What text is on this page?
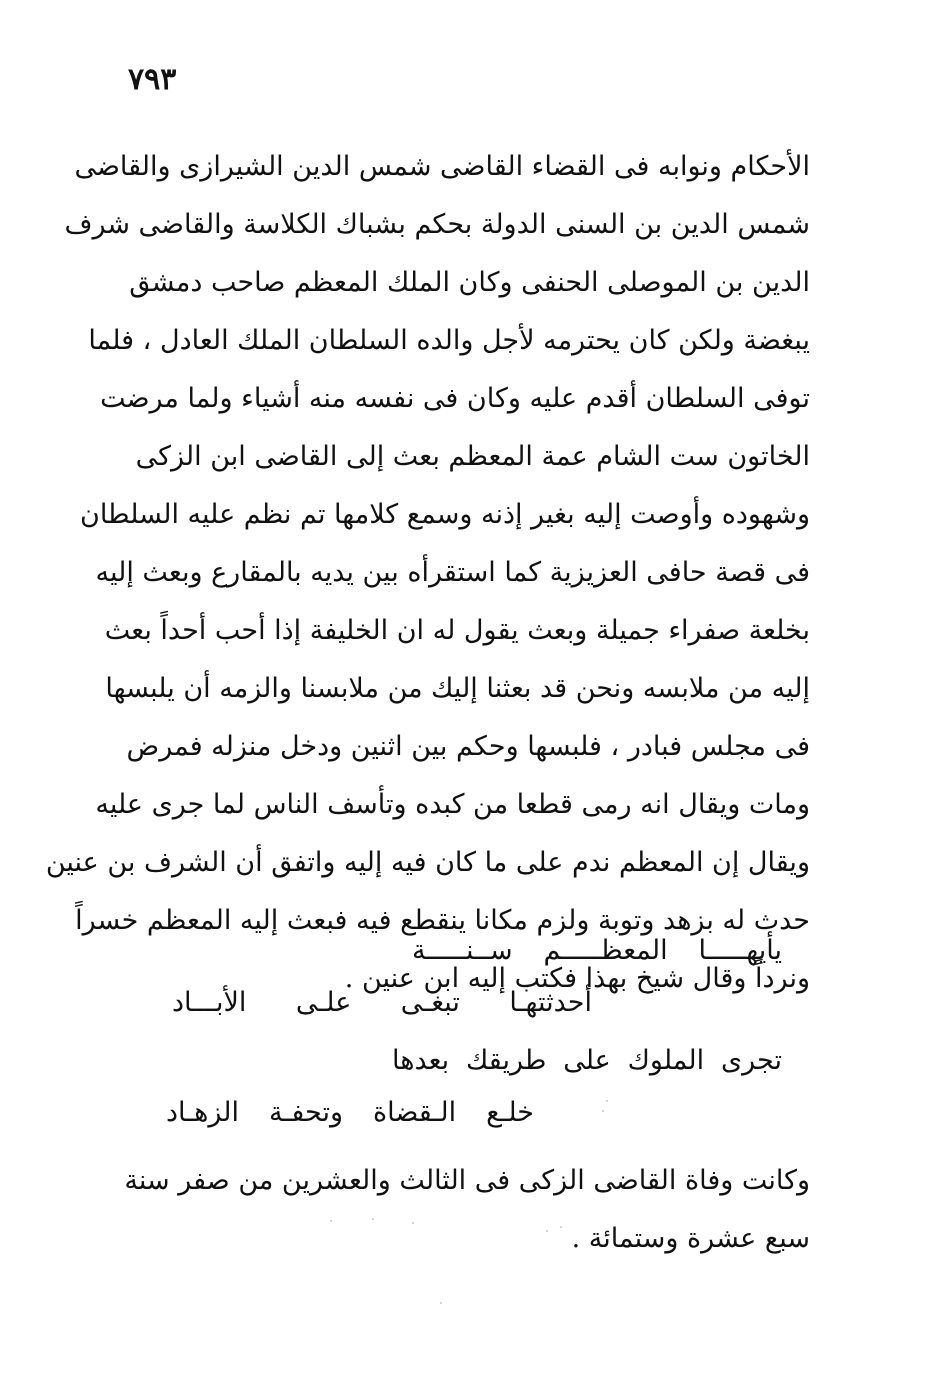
٧٩٣
الأحكام ونوابه فى القضاء القاضى شمس الدين الشيرازى والقاضى
شمس الدين بن السنى الدولة بحكم بشباك الكلاسة والقاضى شرف
الدين بن الموصلى الحنفى وكان الملك المعظم صاحب دمشق
يبغضة ولكن كان يحترمه لأجل والده السلطان الملك العادل ، فلما
توفى السلطان أقدم عليه وكان فى نفسه منه أشياء ولما مرضت
الخاتون ست الشام عمة المعظم بعث إلى القاضى ابن الزكى
وشهوده وأوصت إليه بغير إذنه وسمع كلامها تم نظم عليه السلطان
فى قصة حافى العزيزية كما استقرأه بين يديه بالمقارع وبعث إليه
بخلعة صفراء جميلة وبعث يقول له ان الخليفة إذا أحب أحداً بعث
إليه من ملابسه ونحن قد بعثنا إليك من ملابسنا والزمه أن يلبسها
فى مجلس فبادر ، فلبسها وحكم بين اثنين ودخل منزله فمرض
ومات ويقال انه رمى قطعا من كبده وتأسف الناس لما جرى عليه
ويقال إن المعظم ندم على ما كان فيه إليه واتفق أن الشرف بن عنين
حدث له بزهد وتوبة ولزم مكانا ينقطع فيه فبعث إليه المعظم خسراً
ونرداً وقال شيخ بهذا فكتب إليه ابن عنين .
يأيهـــــا المعظـــــم ســنـــــة
أحدثتهـا تبغـى علـى الأبـــاد
تجرى الملوك على طريقك بعدها
خلـع الـقضاة وتحفـة الزهـاد
وكانت وفاة القاضى الزكى فى الثالث والعشرين من صفر سنة
سبع عشرة وستمائة .
